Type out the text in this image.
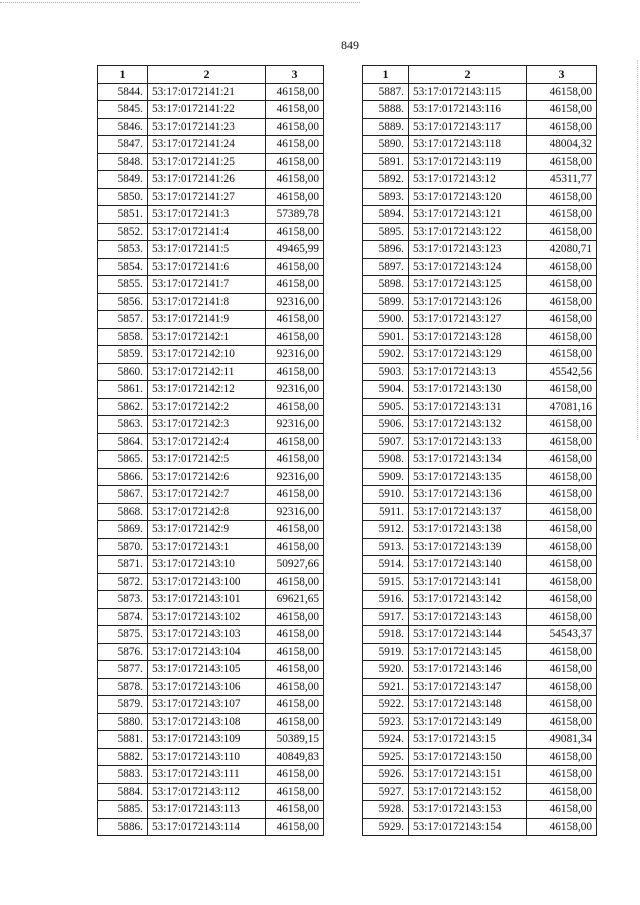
849
1	2	3
5844.	53:17:0172141:21	46158,00
5845.	53:17:0172141:22	46158,00
5846.	53:17:0172141:23	46158,00
5847.	53:17:0172141:24	46158,00
5848.	53:17:0172141:25	46158,00
5849.	53:17:0172141:26	46158,00
5850.	53:17:0172141:27	46158,00
5851.	53:17:0172141:3	57389,78
5852.	53:17:0172141:4	46158,00
5853.	53:17:0172141:5	49465,99
5854.	53:17:0172141:6	46158,00
5855.	53:17:0172141:7	46158,00
5856.	53:17:0172141:8	92316,00
5857.	53:17:0172141:9	46158,00
5858.	53:17:0172142:1	46158,00
5859.	53:17:0172142:10	92316,00
5860.	53:17:0172142:11	46158,00
5861.	53:17:0172142:12	92316,00
5862.	53:17:0172142:2	46158,00
5863.	53:17:0172142:3	92316,00
5864.	53:17:0172142:4	46158,00
5865.	53:17:0172142:5	46158,00
5866.	53:17:0172142:6	92316,00
5867.	53:17:0172142:7	46158,00
5868.	53:17:0172142:8	92316,00
5869.	53:17:0172142:9	46158,00
5870.	53:17:0172143:1	46158,00
5871.	53:17:0172143:10	50927,66
5872.	53:17:0172143:100	46158,00
5873.	53:17:0172143:101	69621,65
5874.	53:17:0172143:102	46158,00
5875.	53:17:0172143:103	46158,00
5876.	53:17:0172143:104	46158,00
5877.	53:17:0172143:105	46158,00
5878.	53:17:0172143:106	46158,00
5879.	53:17:0172143:107	46158,00
5880.	53:17:0172143:108	46158,00
5881.	53:17:0172143:109	50389,15
5882.	53:17:0172143:110	40849,83
5883.	53:17:0172143:111	46158,00
5884.	53:17:0172143:112	46158,00
5885.	53:17:0172143:113	46158,00
5886.	53:17:0172143:114	46158,00
1	2	3
5887.	53:17:0172143:115	46158,00
5888.	53:17:0172143:116	46158,00
5889.	53:17:0172143:117	46158,00
5890.	53:17:0172143:118	48004,32
5891.	53:17:0172143:119	46158,00
5892.	53:17:0172143:12	45311,77
5893.	53:17:0172143:120	46158,00
5894.	53:17:0172143:121	46158,00
5895.	53:17:0172143:122	46158,00
5896.	53:17:0172143:123	42080,71
5897.	53:17:0172143:124	46158,00
5898.	53:17:0172143:125	46158,00
5899.	53:17:0172143:126	46158,00
5900.	53:17:0172143:127	46158,00
5901.	53:17:0172143:128	46158,00
5902.	53:17:0172143:129	46158,00
5903.	53:17:0172143:13	45542,56
5904.	53:17:0172143:130	46158,00
5905.	53:17:0172143:131	47081,16
5906.	53:17:0172143:132	46158,00
5907.	53:17:0172143:133	46158,00
5908.	53:17:0172143:134	46158,00
5909.	53:17:0172143:135	46158,00
5910.	53:17:0172143:136	46158,00
5911.	53:17:0172143:137	46158,00
5912.	53:17:0172143:138	46158,00
5913.	53:17:0172143:139	46158,00
5914.	53:17:0172143:140	46158,00
5915.	53:17:0172143:141	46158,00
5916.	53:17:0172143:142	46158,00
5917.	53:17:0172143:143	46158,00
5918.	53:17:0172143:144	54543,37
5919.	53:17:0172143:145	46158,00
5920.	53:17:0172143:146	46158,00
5921.	53:17:0172143:147	46158,00
5922.	53:17:0172143:148	46158,00
5923.	53:17:0172143:149	46158,00
5924.	53:17:0172143:15	49081,34
5925.	53:17:0172143:150	46158,00
5926.	53:17:0172143:151	46158,00
5927.	53:17:0172143:152	46158,00
5928.	53:17:0172143:153	46158,00
5929.	53:17:0172143:154	46158,00
